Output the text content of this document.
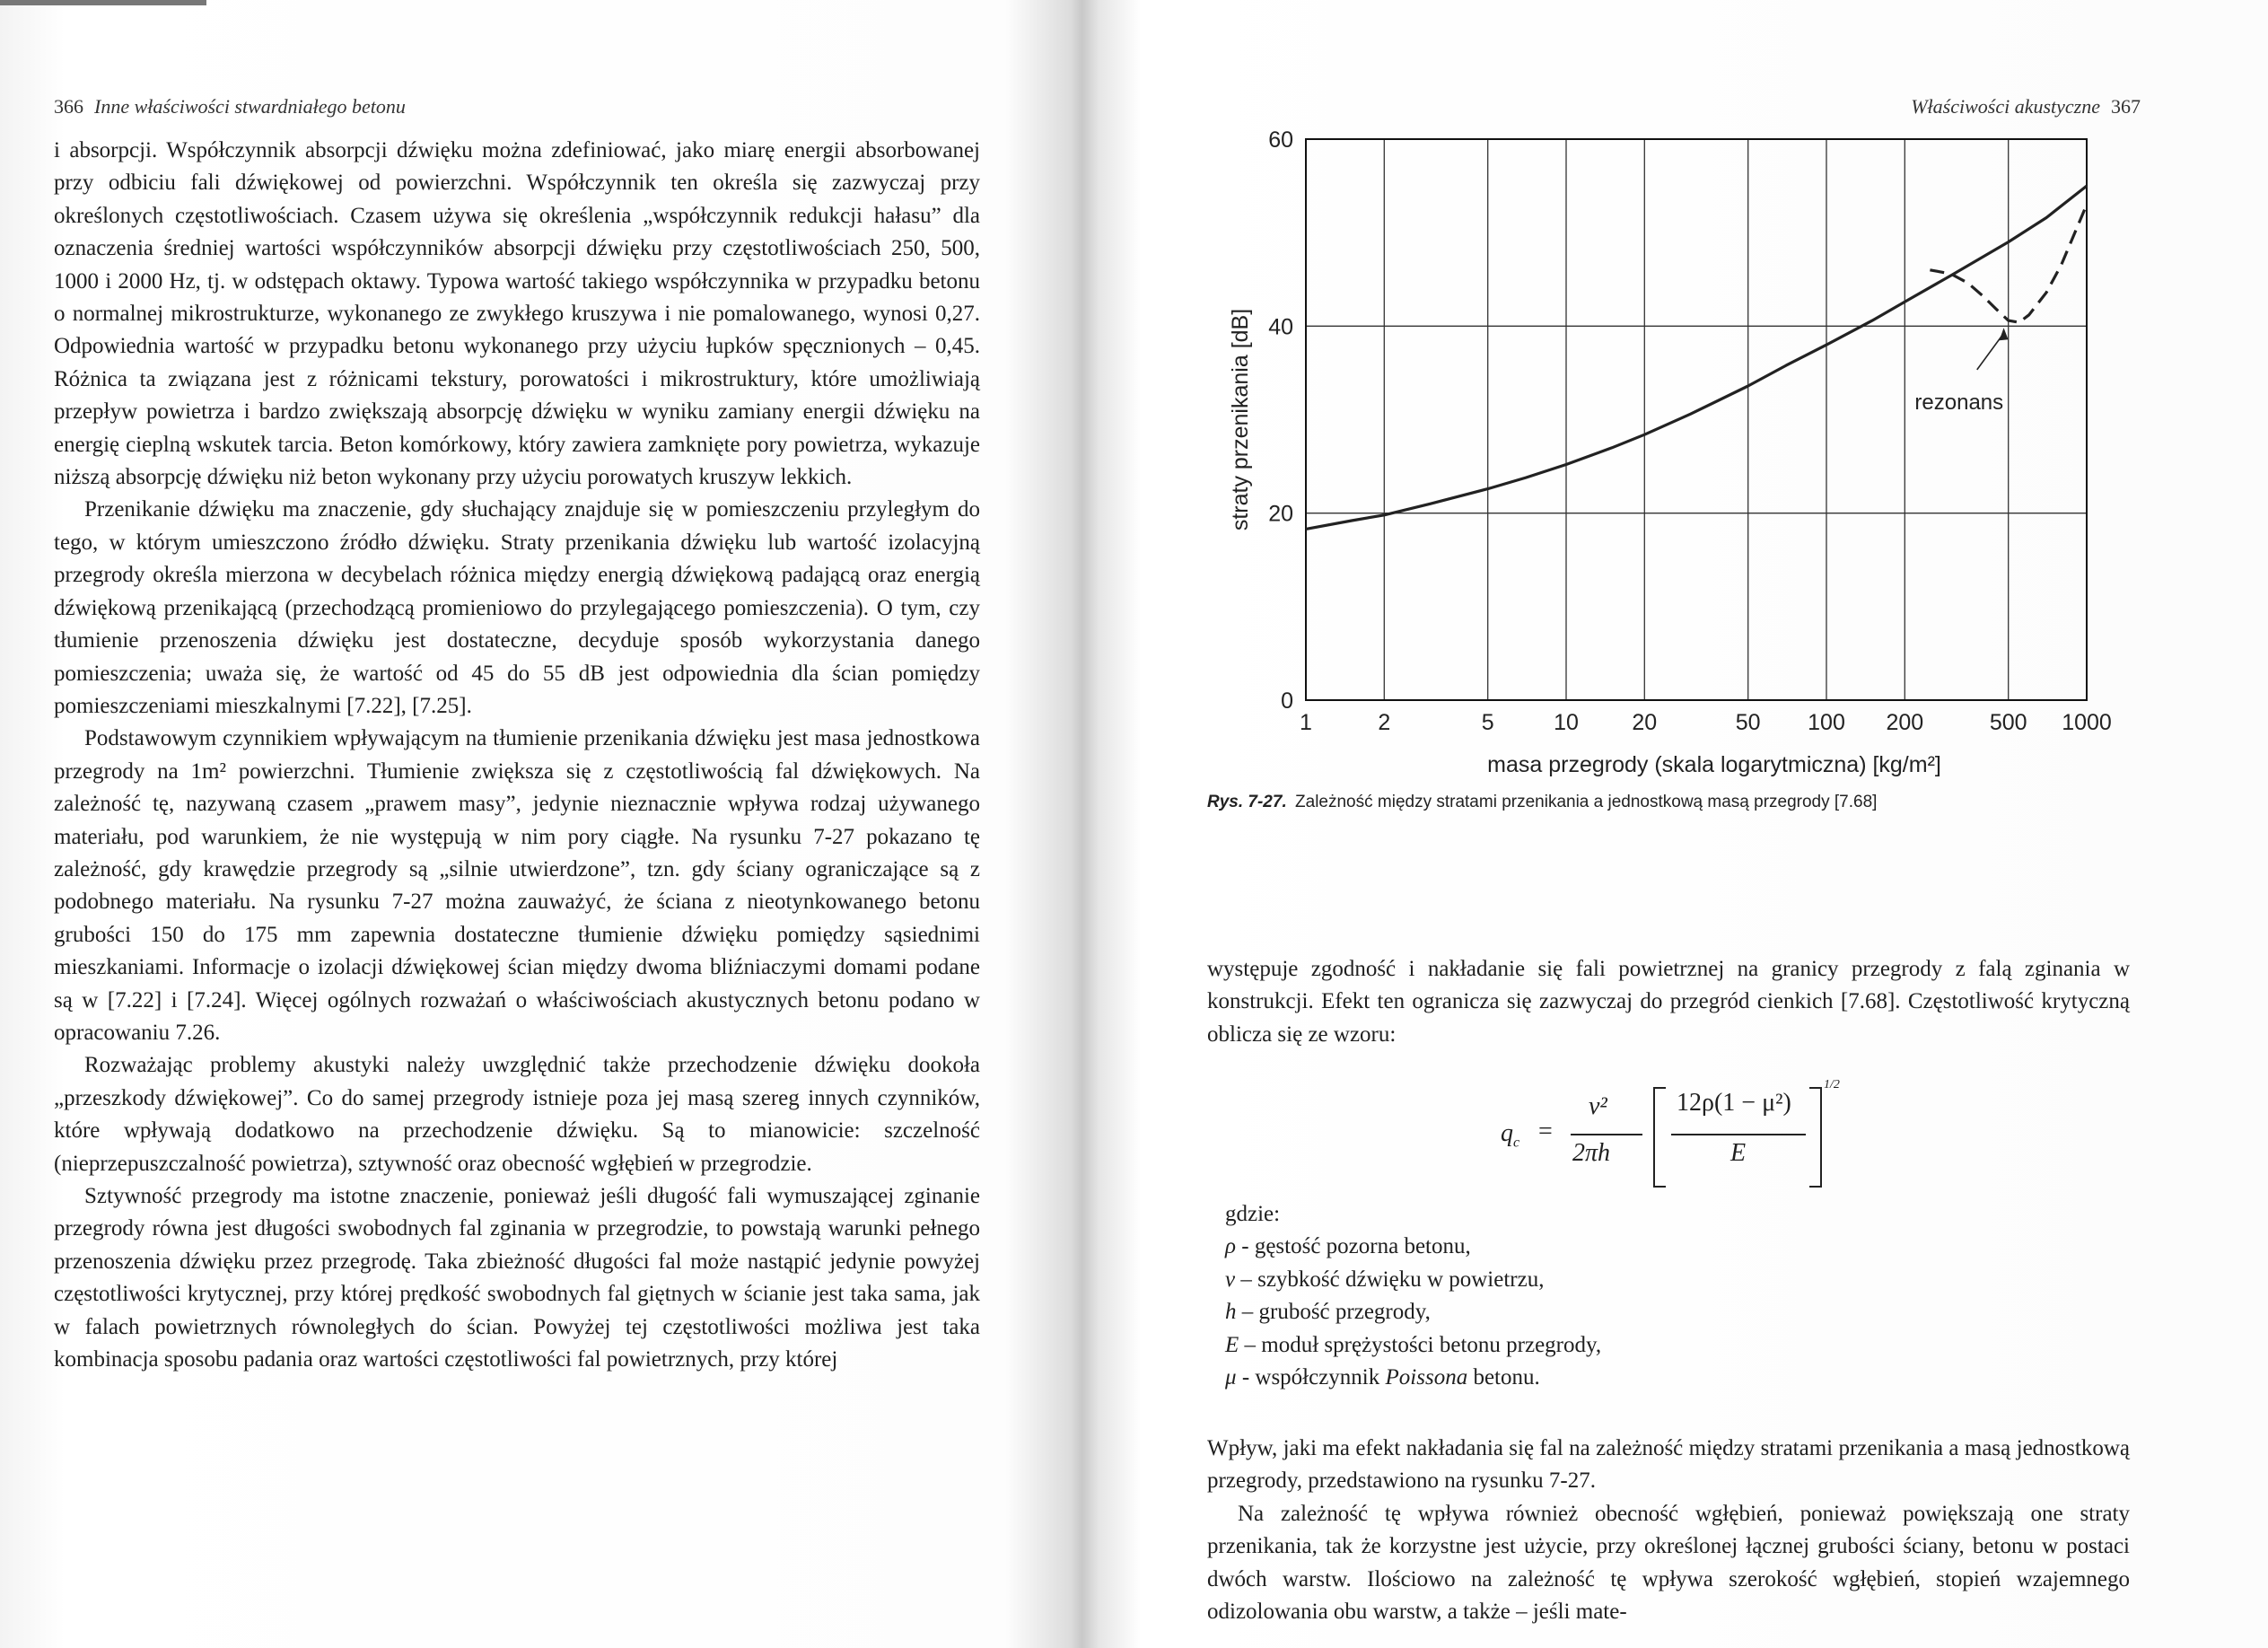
366 Inne właściwości stwardniałego betonu

i absorpcji. Współczynnik absorpcji dźwięku można zdefiniować, jako miarę energii absorbowanej przy odbiciu fali dźwiękowej od powierzchni. Współczynnik ten określa się zazwyczaj przy określonych częstotliwościach. Czasem używa się określenia „współczynnik redukcji hałasu” dla oznaczenia średniej wartości współczynników absorpcji dźwięku przy częstotliwościach 250, 500, 1000 i 2000 Hz, tj. w odstępach oktawy. Typowa wartość takiego współczynnika w przypadku betonu o normalnej mikrostrukturze, wykonanego ze zwykłego kruszywa i nie pomalowanego, wynosi 0,27. Odpowiednia wartość w przypadku betonu wykonanego przy użyciu łupków spęcznionych – 0,45. Różnica ta związana jest z różnicami tekstury, porowatości i mikrostruktury, które umożliwiają przepływ powietrza i bardzo zwiększają absorpcję dźwięku w wyniku zamiany energii dźwięku na energię cieplną wskutek tarcia. Beton komórkowy, który zawiera zamknięte pory powietrza, wykazuje niższą absorpcję dźwięku niż beton wykonany przy użyciu porowatych kruszyw lekkich.

Przenikanie dźwięku ma znaczenie, gdy słuchający znajduje się w pomieszczeniu przyległym do tego, w którym umieszczono źródło dźwięku. Straty przenikania dźwięku lub wartość izolacyjną przegrody określa mierzona w decybelach różnica między energią dźwiękową padającą oraz energią dźwiękową przenikającą (przechodzącą promieniowo do przylegającego pomieszczenia). O tym, czy tłumienie przenoszenia dźwięku jest dostateczne, decyduje sposób wykorzystania danego pomieszczenia; uważa się, że wartość od 45 do 55 dB jest odpowiednia dla ścian pomiędzy pomieszczeniami mieszkalnymi [7.22], [7.25].

Podstawowym czynnikiem wpływającym na tłumienie przenikania dźwięku jest masa jednostkowa przegrody na 1m² powierzchni. Tłumienie zwiększa się z częstotliwością fal dźwiękowych. Na zależność tę, nazywaną czasem „prawem masy”, jedynie nieznacznie wpływa rodzaj używanego materiału, pod warunkiem, że nie występują w nim pory ciągłe. Na rysunku 7-27 pokazano tę zależność, gdy krawędzie przegrody są „silnie utwierdzone”, tzn. gdy ściany ograniczające są z podobnego materiału. Na rysunku 7-27 można zauważyć, że ściana z nieotynkowanego betonu grubości 150 do 175 mm zapewnia dostateczne tłumienie dźwięku pomiędzy sąsiednimi mieszkaniami. Informacje o izolacji dźwiękowej ścian między dwoma bliźniaczymi domami podane są w [7.22] i [7.24]. Więcej ogólnych rozważań o właściwościach akustycznych betonu podano w opracowaniu 7.26.

Rozważając problemy akustyki należy uwzględnić także przechodzenie dźwięku dookoła „przeszkody dźwiękowej”. Co do samej przegrody istnieje poza jej masą szereg innych czynników, które wpływają dodatkowo na przechodzenie dźwięku. Są to mianowicie: szczelność (nieprzepuszczalność powietrza), sztywność oraz obecność wgłębień w przegrodzie.

Sztywność przegrody ma istotne znaczenie, ponieważ jeśli długość fali wymuszającej zginanie przegrody równa jest długości swobodnych fal zginania w przegrodzie, to powstają warunki pełnego przenoszenia dźwięku przez przegrodę. Taka zbieżność długości fal może nastąpić jedynie powyżej częstotliwości krytycznej, przy której prędkość swobodnych fal giętnych w ścianie jest taka sama, jak w falach powietrznych równoległych do ścian. Powyżej tej częstotliwości możliwa jest taka kombinacja sposobu padania oraz wartości częstotliwości fal powietrznych, przy której

Właściwości akustyczne 367
1	2	5	10 20	50 100 200	500 1000
0
20
40
60
masa przegrody (skala logarytmiczna) [kg/m²]
straty przenikania [dB]	rezonans
Rys. 7-27. Zależność między stratami przenikania a jednostkową masą przegrody [7.68]

występuje zgodność i nakładanie się fali powietrznej na granicy przegrody z falą zginania w konstrukcji. Efekt ten ogranicza się zazwyczaj do przegród cienkich [7.68]. Częstotliwość krytyczną oblicza się ze wzoru:

$q_c$ =
v²
2πh
12ρ(1 − μ²)
E
1/2
gdzie:
ρ - gęstość pozorna betonu,
v – szybkość dźwięku w powietrzu,
h – grubość przegrody,
E – moduł sprężystości betonu przegrody,
μ - współczynnik Poissona betonu.

Wpływ, jaki ma efekt nakładania się fal na zależność między stratami przenikania a masą jednostkową przegrody, przedstawiono na rysunku 7-27.

Na zależność tę wpływa również obecność wgłębień, ponieważ powiększają one straty przenikania, tak że korzystne jest użycie, przy określonej łącznej grubości ściany, betonu w postaci dwóch warstw. Ilościowo na zależność tę wpływa szerokość wgłębień, stopień wzajemnego odizolowania obu warstw, a także – jeśli mate-
